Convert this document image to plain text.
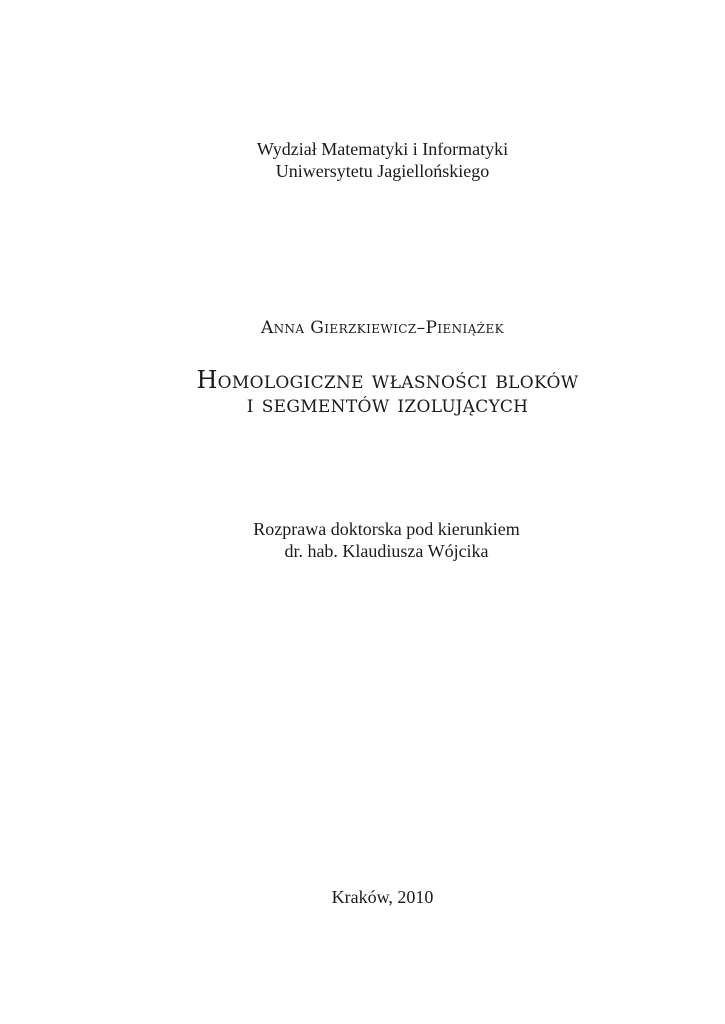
Wydział Matematyki i Informatyki
Uniwersytetu Jagiellońskiego
Anna Gierzkiewicz–Pieniążek
Homologiczne własności bloków
i segmentów izolujących
Rozprawa doktorska pod kierunkiem
dr. hab. Klaudiusza Wójcika
Kraków, 2010
